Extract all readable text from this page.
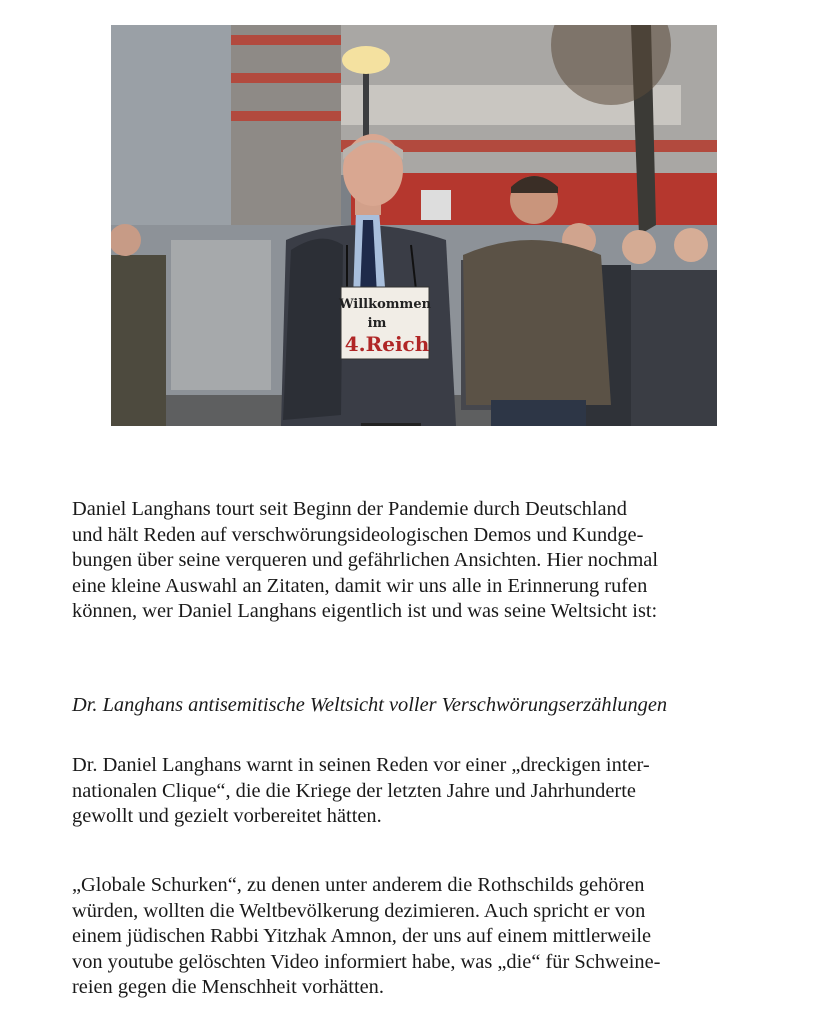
Willkommen
im
4.Reich

Daniel Langhans tourt seit Beginn der Pandemie durch Deutschland
und hält Reden auf verschwörungsideologischen Demos und Kundge-
bungen über seine verqueren und gefährlichen Ansichten. Hier nochmal
eine kleine Auswahl an Zitaten, damit wir uns alle in Erinnerung rufen
können, wer Daniel Langhans eigentlich ist und was seine Weltsicht ist:

Dr. Langhans antisemitische Weltsicht voller Verschwörungserzählungen

Dr. Daniel Langhans warnt in seinen Reden vor einer „dreckigen inter-
nationalen Clique“, die die Kriege der letzten Jahre und Jahrhunderte
gewollt und gezielt vorbereitet hätten.

„Globale Schurken“, zu denen unter anderem die Rothschilds gehören
würden, wollten die Weltbevölkerung dezimieren. Auch spricht er von
einem jüdischen Rabbi Yitzhak Amnon, der uns auf einem mittlerweile
von youtube gelöschten Video informiert habe, was „die“ für Schweine-
reien gegen die Menschheit vorhätten.
